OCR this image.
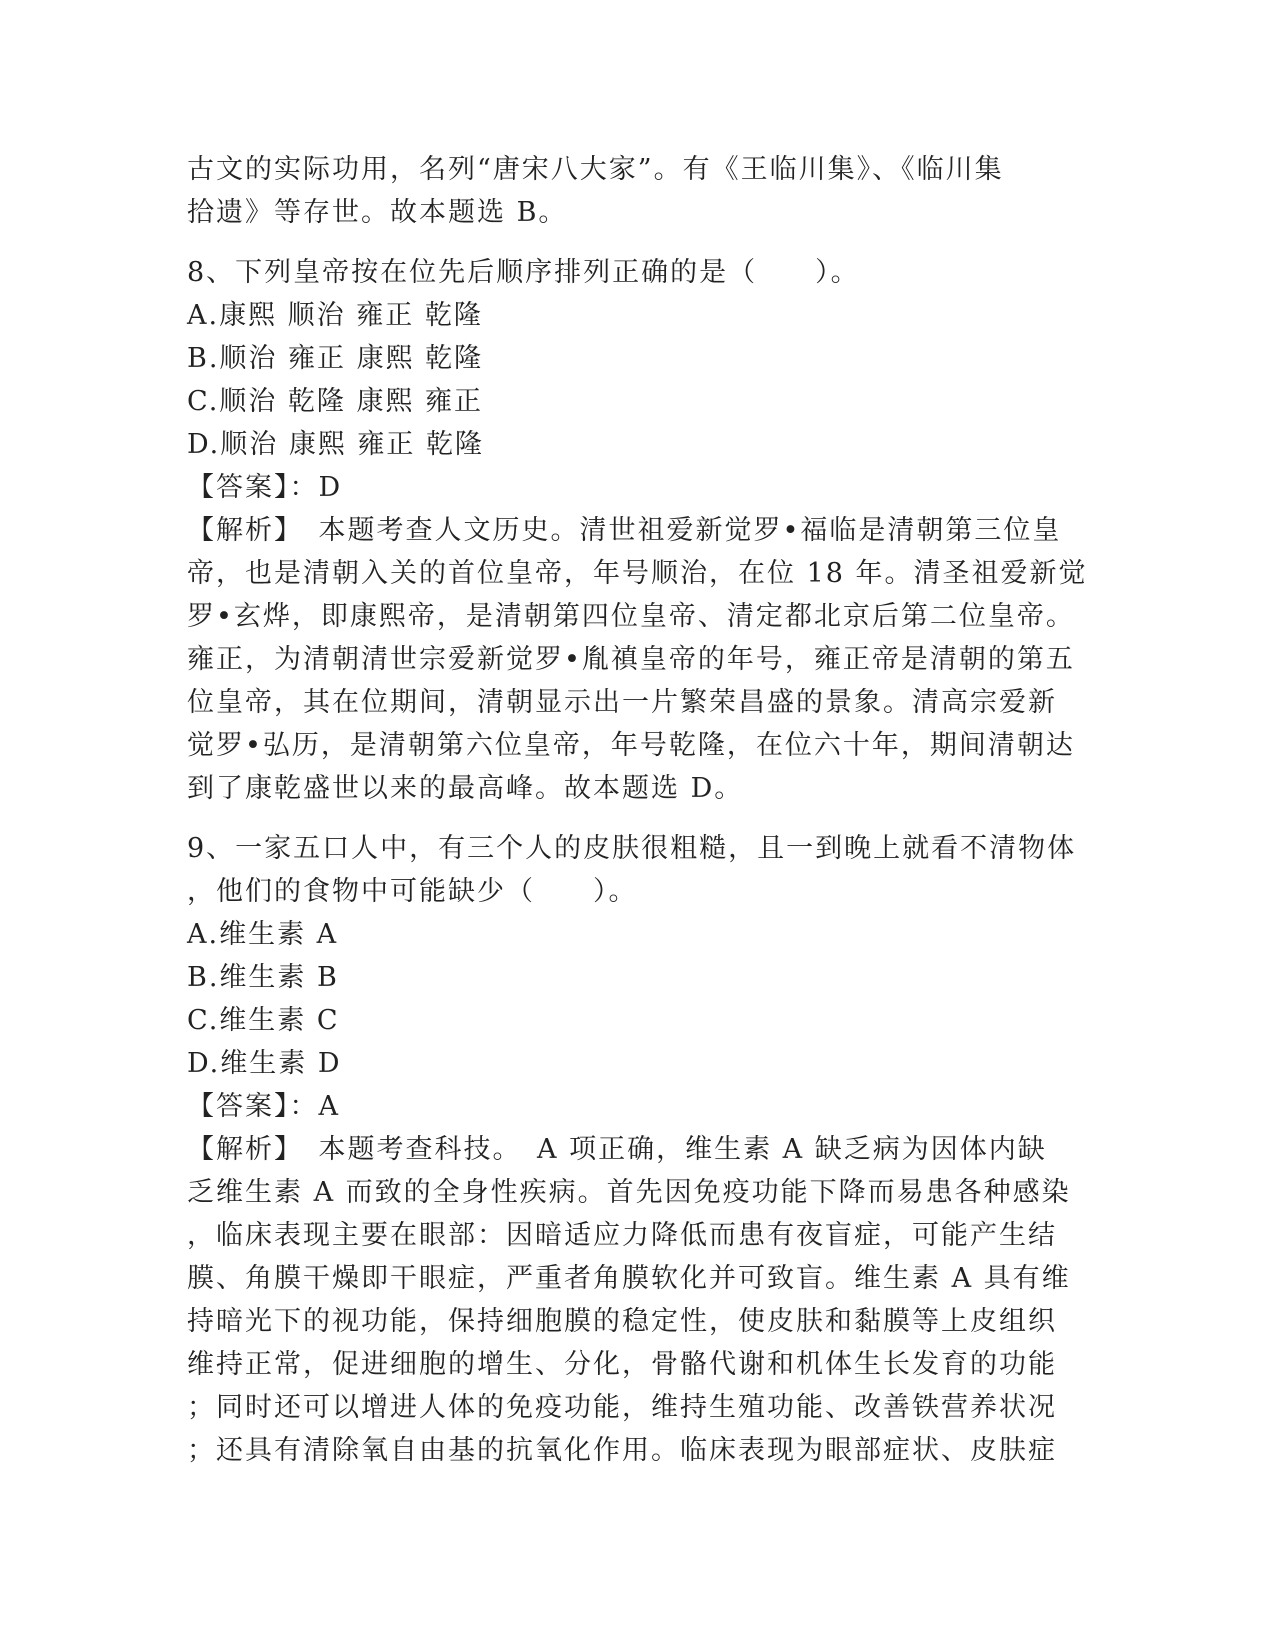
古文的实际功用，名列“唐宋八大家”。有《王临川集》、《临川集
拾遗》等存世。故本题选 B。
8、下列皇帝按在位先后顺序排列正确的是（　　）。
A.康熙 顺治 雍正 乾隆
B.顺治 雍正 康熙 乾隆
C.顺治 乾隆 康熙 雍正
D.顺治 康熙 雍正 乾隆
【答案】：D
【解析】　本题考查人文历史。清世祖爱新觉罗•福临是清朝第三位皇
帝，也是清朝入关的首位皇帝，年号顺治，在位 18 年。清圣祖爱新觉
罗•玄烨，即康熙帝，是清朝第四位皇帝、清定都北京后第二位皇帝。
雍正，为清朝清世宗爱新觉罗•胤禛皇帝的年号，雍正帝是清朝的第五
位皇帝，其在位期间，清朝显示出一片繁荣昌盛的景象。清高宗爱新
觉罗•弘历，是清朝第六位皇帝，年号乾隆，在位六十年，期间清朝达
到了康乾盛世以来的最高峰。故本题选 D。
9、一家五口人中，有三个人的皮肤很粗糙，且一到晚上就看不清物体
，他们的食物中可能缺少（　　）。
A.维生素 A
B.维生素 B
C.维生素 C
D.维生素 D
【答案】：A
【解析】　本题考查科技。　A 项正确，维生素 A 缺乏病为因体内缺
乏维生素 A 而致的全身性疾病。首先因免疫功能下降而易患各种感染
，临床表现主要在眼部：因暗适应力降低而患有夜盲症，可能产生结
膜、角膜干燥即干眼症，严重者角膜软化并可致盲。维生素 A 具有维
持暗光下的视功能，保持细胞膜的稳定性，使皮肤和黏膜等上皮组织
维持正常，促进细胞的增生、分化，骨骼代谢和机体生长发育的功能
；同时还可以增进人体的免疫功能，维持生殖功能、改善铁营养状况
；还具有清除氧自由基的抗氧化作用。临床表现为眼部症状、皮肤症
